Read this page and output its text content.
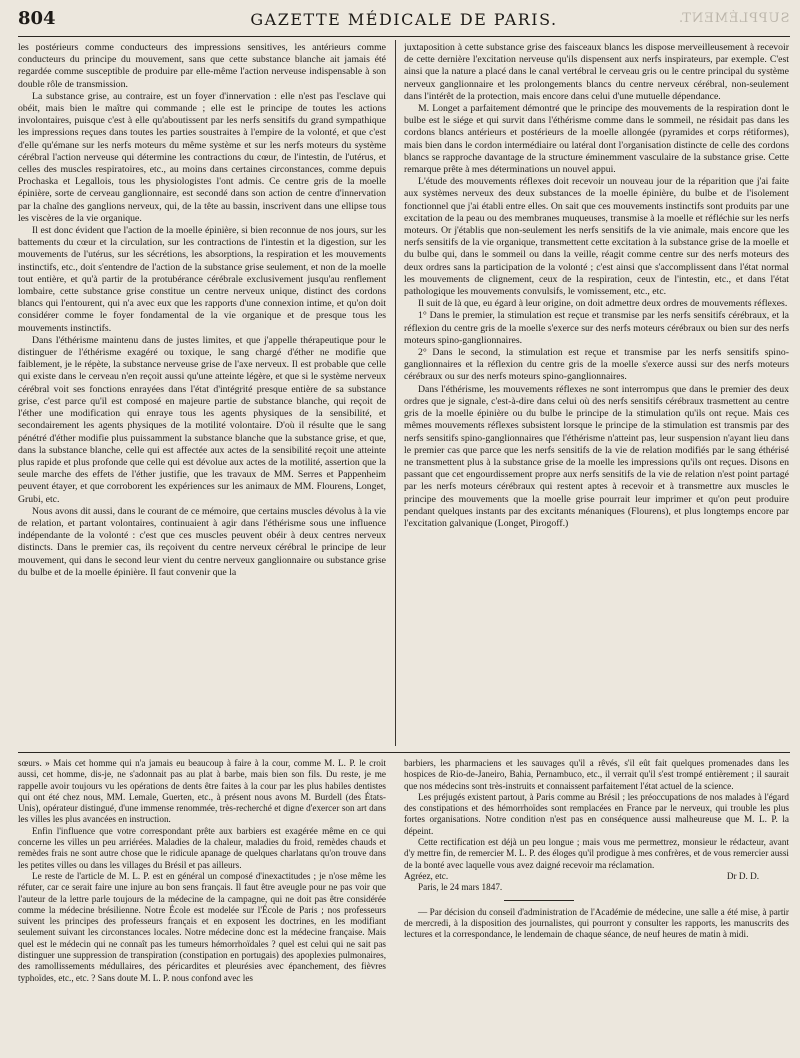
804	GAZETTE MÉDICALE DE PARIS.	SUPPLÉMENT.

les postérieurs comme conducteurs des impressions sensitives, les antérieurs comme conducteurs du principe du mouvement, sans que cette substance blanche ait jamais été regardée comme susceptible de produire par elle-même l'action nerveuse indispensable à son double rôle de transmission.

La substance grise, au contraire, est un foyer d'innervation : elle n'est pas l'esclave qui obéit, mais bien le maître qui commande ; elle est le principe de toutes les actions involontaires, puisque c'est à elle qu'aboutissent par les nerfs sensitifs du grand sympathique les impressions reçues dans toutes les parties soustraites à l'empire de la volonté, et que c'est d'elle qu'émane sur les nerfs moteurs du même système et sur les nerfs moteurs du système cérébral l'action nerveuse qui détermine les contractions du cœur, de l'intestin, de l'utérus, et celles des muscles respiratoires, etc., au moins dans certaines circonstances, comme depuis Prochaska et Legallois, tous les physiologistes l'ont admis. Ce centre gris de la moelle épinière, sorte de cerveau ganglionnaire, est secondé dans son action de centre d'innervation par la chaîne des ganglions nerveux, qui, de la tête au bassin, inscrivent dans une ellipse tous les viscères de la vie organique.

Il est donc évident que l'action de la moelle épinière, si bien reconnue de nos jours, sur les battements du cœur et la circulation, sur les contractions de l'intestin et la digestion, sur les mouvements de l'utérus, sur les sécrétions, les absorptions, la respiration et les mouvements instinctifs, etc., doit s'entendre de l'action de la substance grise seulement, et non de la moelle tout entière, et qu'à partir de la protubérance cérébrale exclusivement jusqu'au renflement lombaire, cette substance grise constitue un centre nerveux unique, distinct des cordons blancs qui l'entourent, qui n'a avec eux que les rapports d'une connexion intime, et qu'on doit considérer comme le foyer fondamental de la vie organique et de presque tous les mouvements instinctifs.

Dans l'éthérisme maintenu dans de justes limites, et que j'appelle thérapeutique pour le distinguer de l'éthérisme exagéré ou toxique, le sang chargé d'éther ne modifie que faiblement, je le répète, la substance nerveuse grise de l'axe nerveux. Il est probable que celle qui existe dans le cerveau n'en reçoit aussi qu'une atteinte légère, et que si le système nerveux cérébral voit ses fonctions enrayées dans l'état d'intégrité presque entière de sa substance grise, c'est parce qu'il est composé en majeure partie de substance blanche, qui reçoit de l'éther une modification qui enraye tous les agents physiques de la sensibilité, et secondairement les agents physiques de la motilité volontaire. D'où il résulte que le sang pénétré d'éther modifie plus puissamment la substance blanche que la substance grise, et que, dans la substance blanche, celle qui est affectée aux actes de la sensibilité reçoit une atteinte plus rapide et plus profonde que celle qui est dévolue aux actes de la motilité, assertion que la seule marche des effets de l'éther justifie, que les travaux de MM. Serres et Pappenheim peuvent étayer, et que corroborent les expériences sur les animaux de MM. Flourens, Longet, Grubi, etc.

Nous avons dit aussi, dans le courant de ce mémoire, que certains muscles dévolus à la vie de relation, et partant volontaires, continuaient à agir dans l'éthérisme sous une influence indépendante de la volonté : c'est que ces muscles peuvent obéir à deux centres nerveux distincts. Dans le premier cas, ils reçoivent du centre nerveux cérébral le principe de leur mouvement, qui dans le second leur vient du centre nerveux ganglionnaire ou substance grise du bulbe et de la moelle épinière. Il faut convenir que la

juxtaposition à cette substance grise des faisceaux blancs les dispose merveilleusement à recevoir de cette dernière l'excitation nerveuse qu'ils dispensent aux nerfs inspirateurs, par exemple. C'est ainsi que la nature a placé dans le canal vertébral le cerveau gris ou le centre principal du système nerveux ganglionnaire et les prolongements blancs du centre nerveux cérébral, non-seulement dans l'intérêt de la protection, mais encore dans celui d'une mutuelle dépendance.

M. Longet a parfaitement démontré que le principe des mouvements de la respiration dont le bulbe est le siége et qui survit dans l'éthérisme comme dans le sommeil, ne résidait pas dans les cordons blancs antérieurs et postérieurs de la moelle allongée (pyramides et corps rétiformes), mais bien dans le cordon intermédiaire ou latéral dont l'organisation distincte de celle des cordons blancs se rapproche davantage de la structure éminemment vasculaire de la substance grise. Cette remarque prête à mes déterminations un nouvel appui.

L'étude des mouvements réflexes doit recevoir un nouveau jour de la réparition que j'ai faite aux systèmes nerveux des deux substances de la moelle épinière, du bulbe et de l'isolement fonctionnel que j'ai établi entre elles. On sait que ces mouvements instinctifs sont produits par une excitation de la peau ou des membranes muqueuses, transmise à la moelle et réfléchie sur les nerfs moteurs. Or j'établis que non-seulement les nerfs sensitifs de la vie animale, mais encore que les nerfs sensitifs de la vie organique, transmettent cette excitation à la substance grise de la moelle et du bulbe qui, dans le sommeil ou dans la veille, réagit comme centre sur des nerfs moteurs des deux ordres sans la participation de la volonté ; c'est ainsi que s'accomplissent dans l'état normal les mouvements de clignement, ceux de la respiration, ceux de l'intestin, etc., et dans l'état pathologique les mouvements convulsifs, le vomissement, etc., etc.

Il suit de là que, eu égard à leur origine, on doit admettre deux ordres de mouvements réflexes.

1° Dans le premier, la stimulation est reçue et transmise par les nerfs sensitifs cérébraux, et la réflexion du centre gris de la moelle s'exerce sur des nerfs moteurs cérébraux ou bien sur des nerfs moteurs spino-ganglionnaires.

2° Dans le second, la stimulation est reçue et transmise par les nerfs sensitifs spino-ganglionnaires et la réflexion du centre gris de la moelle s'exerce aussi sur des nerfs moteurs cérébraux ou sur des nerfs moteurs spino-ganglionnaires.

Dans l'éthérisme, les mouvements réflexes ne sont interrompus que dans le premier des deux ordres que je signale, c'est-à-dire dans celui où des nerfs sensitifs cérébraux trasmettent au centre gris de la moelle épinière ou du bulbe le principe de la stimulation qu'ils ont reçue. Mais ces mêmes mouvements réflexes subsistent lorsque le principe de la stimulation est transmis par des nerfs sensitifs spino-ganglionnaires que l'éthérisme n'atteint pas, leur suspension n'ayant lieu dans le premier cas que parce que les nerfs sensitifs de la vie de relation modifiés par le sang éthérisé ne transmettent plus à la substance grise de la moelle les impressions qu'ils ont reçues. Disons en passant que cet engourdissement propre aux nerfs sensitifs de la vie de relation n'est point partagé par les nerfs moteurs cérébraux qui restent aptes à recevoir et à transmettre aux muscles le principe des mouvements que la moelle grise pourrait leur imprimer et qu'on peut produire pendant quelques instants par des excitants ménaniques (Flourens), et plus longtemps encore par l'excitation galvanique (Longet, Pirogoff.)

sœurs. » Mais cet homme qui n'a jamais eu beaucoup à faire à la cour, comme M. L. P. le croit aussi, cet homme, dis-je, ne s'adonnait pas au plat à barbe, mais bien son fils. Du reste, je me rappelle avoir toujours vu les opérations de dents être faites à la cour par les plus habiles dentistes qui ont été chez nous, MM. Lemale, Guerten, etc., à présent nous avons M. Burdell (des États-Unis), opérateur distingué, d'une immense renommée, très-recherché et digne d'exercer son art dans les villes les plus avancées en instruction.

Enfin l'influence que votre correspondant prête aux barbiers est exagérée même en ce qui concerne les villes un peu arriérées. Maladies de la chaleur, maladies du froid, remèdes chauds et remèdes frais ne sont autre chose que le ridicule apanage de quelques charlatans qu'on trouve dans les petites villes ou dans les villages du Brésil et pas ailleurs.

Le reste de l'article de M. L. P. est en général un composé d'inexactitudes ; je n'ose même les réfuter, car ce serait faire une injure au bon sens français. Il faut être aveugle pour ne pas voir que l'auteur de la lettre parle toujours de la médecine de la campagne, qui ne doit pas être considérée comme la médecine brésilienne. Notre École est modelée sur l'École de Paris ; nos professeurs suivent les principes des professeurs français et en exposent les doctrines, en les modifiant seulement suivant les circonstances locales. Notre médecine donc est la médecine française. Mais quel est le médecin qui ne connaît pas les tumeurs hémorrhoïdales ? quel est celui qui ne sait pas distinguer une suppression de transpiration (constipation en portugais) des apoplexies pulmonaires, des ramollissements médullaires, des péricardites et pleurésies avec épanchement, des fièvres typhoïdes, etc., etc. ? Sans doute M. L. P. nous confond avec les

barbiers, les pharmaciens et les sauvages qu'il a rêvés, s'il eût fait quelques promenades dans les hospices de Rio-de-Janeiro, Bahia, Pernambuco, etc., il verrait qu'il s'est trompé entièrement ; il saurait que nos médecins sont très-instruits et connaissent parfaitement l'état actuel de la science.

Les préjugés existent partout, à Paris comme au Brésil ; les préoccupations de nos malades à l'égard des constipations et des hémorrhoïdes sont remplacées en France par le nerveux, qui trouble les plus fortes organisations. Notre condition n'est pas en conséquence aussi malheureuse que M. L. P. la dépeint.

Cette rectification est déjà un peu longue ; mais vous me permettrez, monsieur le rédacteur, avant d'y mettre fin, de remercier M. L. P. des éloges qu'il prodigue à mes confrères, et de vous remercier aussi de la bonté avec laquelle vous avez daigné recevoir ma réclamation.

Agréez, etc.	Dr D. D.
Paris, le 24 mars 1847.

— Par décision du conseil d'administration de l'Académie de médecine, une salle a été mise, à partir de mercredi, à la disposition des journalistes, qui pourront y consulter les rapports, les manuscrits des lectures et la correspondance, le lendemain de chaque séance, de neuf heures de matin à midi.
